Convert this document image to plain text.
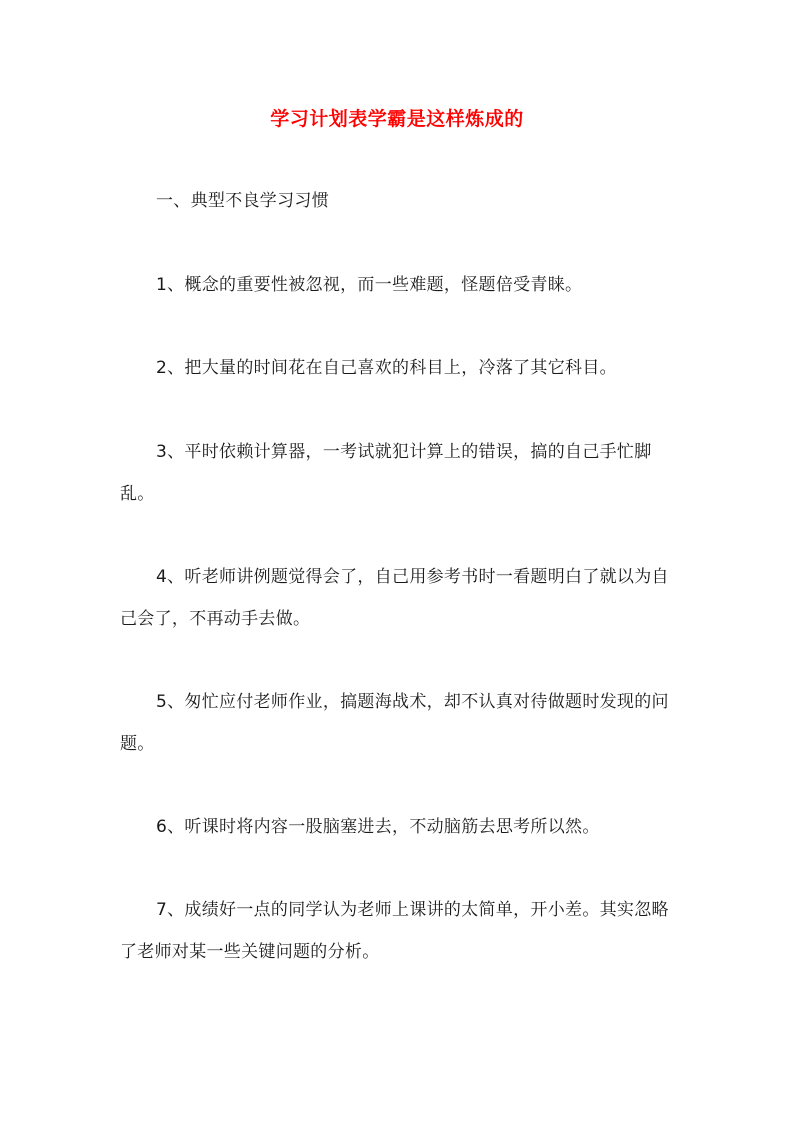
学习计划表学霸是这样炼成的

一、典型不良学习习惯

1、概念的重要性被忽视，而一些难题，怪题倍受青睐。

2、把大量的时间花在自己喜欢的科目上，冷落了其它科目。

3、平时依赖计算器，一考试就犯计算上的错误，搞的自己手忙脚乱。

4、听老师讲例题觉得会了，自己用参考书时一看题明白了就以为自己会了，不再动手去做。

5、匆忙应付老师作业，搞题海战术，却不认真对待做题时发现的问题。

6、听课时将内容一股脑塞进去，不动脑筋去思考所以然。

7、成绩好一点的同学认为老师上课讲的太简单，开小差。其实忽略了老师对某一些关键问题的分析。
